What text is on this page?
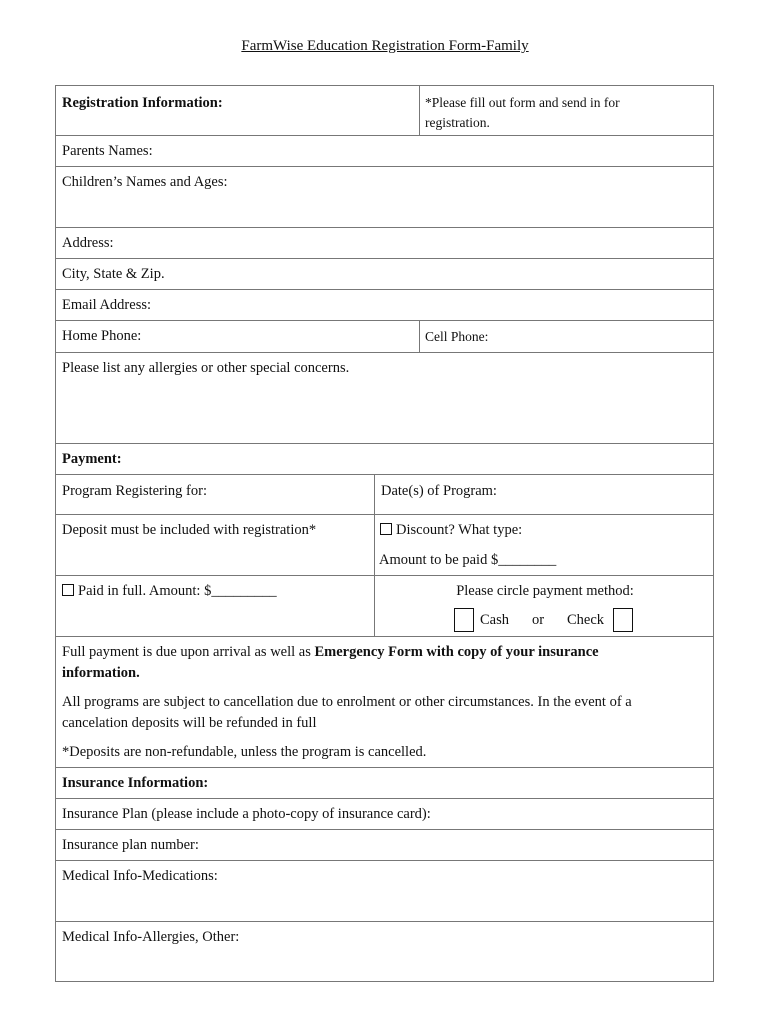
FarmWise Education Registration Form-Family
Registration Information:	*Please fill out form and send in for
registration.
Parents Names:
Children’s Names and Ages:
Address:
City, State & Zip.
Email Address:
Home Phone:	Cell Phone:
Please list any allergies or other special concerns.
Payment:
Program Registering for:	Date(s) of Program:
Deposit must be included with registration*	Discount? What type:
Amount to be paid $________
Paid in full. Amount: $_________	Please circle payment method:
Cash or Check
Full payment is due upon arrival as well as Emergency Form with copy of your insurance
information.
All programs are subject to cancellation due to enrolment or other circumstances. In the event of a
cancelation deposits will be refunded in full
*Deposits are non-refundable, unless the program is cancelled.
Insurance Information:
Insurance Plan (please include a photo-copy of insurance card):
Insurance plan number:
Medical Info-Medications:
Medical Info-Allergies, Other:
